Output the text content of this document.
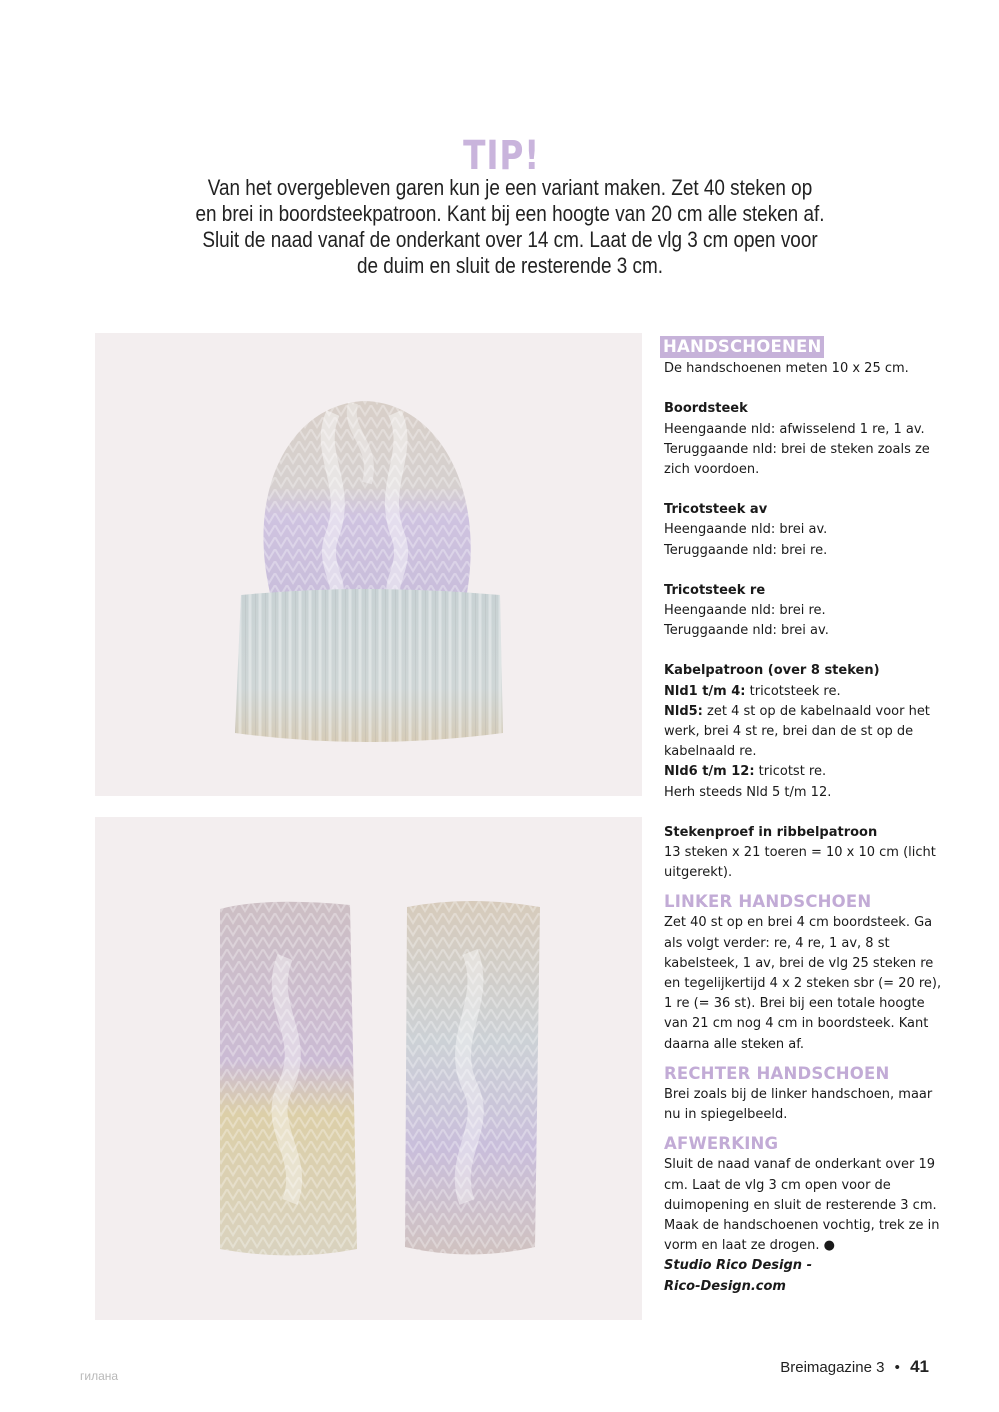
TIP!
Van het overgebleven garen kun je een variant maken. Zet 40 steken op
en brei in boordsteekpatroon. Kant bij een hoogte van 20 cm alle steken af.
Sluit de naad vanaf de onderkant over 14 cm. Laat de vlg 3 cm open voor
de duim en sluit de resterende 3 cm.

HANDSCHOENEN

De handschoenen meten 10 x 25 cm.

Boordsteek

Heengaande nld: afwisselend 1 re, 1 av.

Teruggaande nld: brei de steken zoals ze zich voordoen.

Tricotsteek av

Heengaande nld: brei av.

Teruggaande nld: brei re.

Tricotsteek re

Heengaande nld: brei re.

Teruggaande nld: brei av.

Kabelpatroon (over 8 steken)

Nld1 t/m 4: tricotsteek re.

Nld5: zet 4 st op de kabelnaald voor het werk, brei 4 st re, brei dan de st op de kabelnaald re.

Nld6 t/m 12: tricotst re.

Herh steeds Nld 5 t/m 12.

Stekenproef in ribbelpatroon

13 steken x 21 toeren = 10 x 10 cm (licht uitgerekt).

LINKER HANDSCHOEN

Zet 40 st op en brei 4 cm boordsteek. Ga als volgt verder: re, 4 re, 1 av, 8 st kabelsteek, 1 av, brei de vlg 25 steken re en tegelijkertijd 4 x 2 steken sbr (= 20 re), 1 re (= 36 st). Brei bij een totale hoogte van 21 cm nog 4 cm in boordsteek. Kant daarna alle steken af.

RECHTER HANDSCHOEN

Brei zoals bij de linker handschoen, maar nu in spiegelbeeld.

AFWERKING

Sluit de naad vanaf de onderkant over 19 cm. Laat de vlg 3 cm open voor de duimopening en sluit de resterende 3 cm. Maak de handschoenen vochtig, trek ze in vorm en laat ze drogen. ●

Studio Rico Design -

Rico-Design.com

гилана	Breimagazine 3 • 41
